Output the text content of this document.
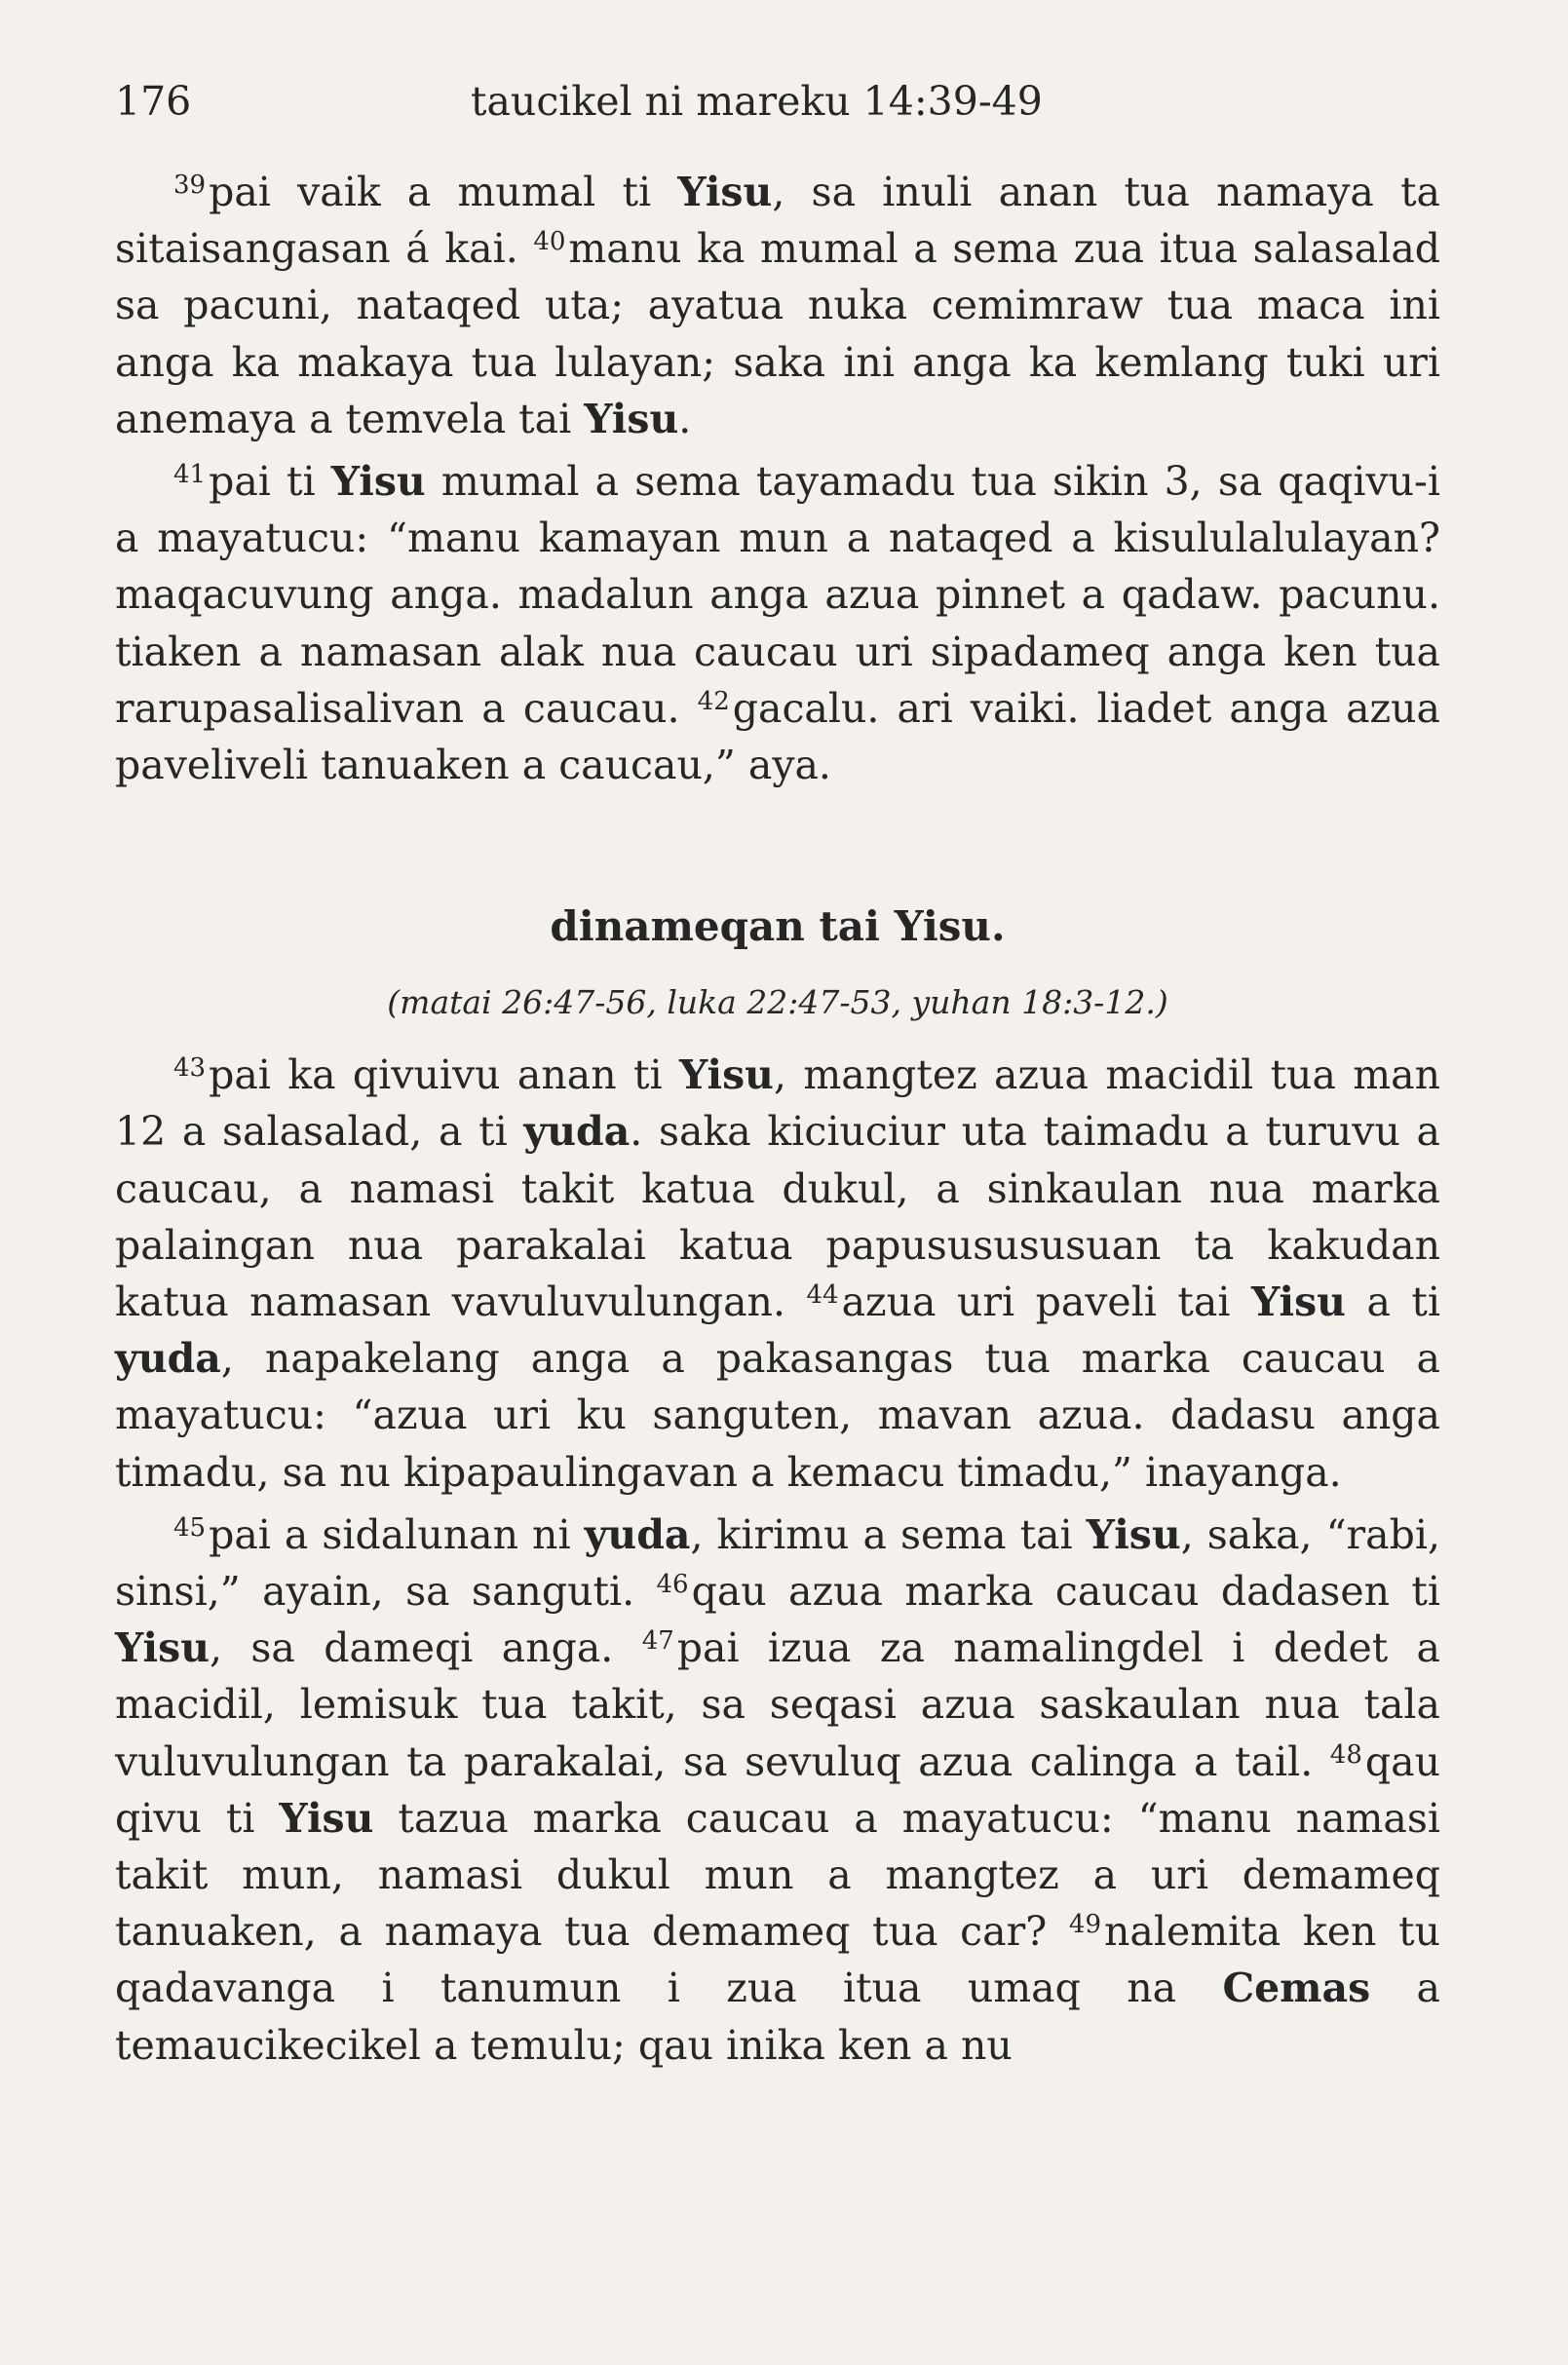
176	taucikel ni mareku 14:39-49

$^{39}$pai vaik a mumal ti Yisu, sa inuli anan tua namaya ta sitaisangasan á kai. $^{40}$manu ka mumal a sema zua itua salasalad sa pacuni, nataqed uta; ayatua nuka cemimraw tua maca ini anga ka makaya tua lulayan; saka ini anga ka kemlang tuki uri anemaya a temvela tai Yisu.

$^{41}$pai ti Yisu mumal a sema tayamadu tua sikin 3, sa qaqivu-i a mayatucu: “manu kamayan mun a nataqed a kisululalulayan? maqacuvung anga. madalun anga azua pinnet a qadaw. pacunu. tiaken a namasan alak nua caucau uri sipadameq anga ken tua rarupasalisalivan a caucau. $^{42}$gacalu. ari vaiki. liadet anga azua paveliveli tanuaken a caucau,” aya.

dinameqan tai Yisu.
(matai 26:47-56, luka 22:47-53, yuhan 18:3-12.)

$^{43}$pai ka qivuivu anan ti Yisu, mangtez azua macidil tua man 12 a salasalad, a ti yuda. saka kiciuciur uta taimadu a turuvu a caucau, a namasi takit katua dukul, a sinkaulan nua marka palaingan nua parakalai katua papususususuan ta kakudan katua namasan vavuluvulungan. $^{44}$azua uri paveli tai Yisu a ti yuda, napakelang anga a pakasangas tua marka caucau a mayatucu: “azua uri ku sanguten, mavan azua. dadasu anga timadu, sa nu kipapaulingavan a kemacu timadu,” inayanga.

$^{45}$pai a sidalunan ni yuda, kirimu a sema tai Yisu, saka, “rabi, sinsi,” ayain, sa sanguti. $^{46}$qau azua marka caucau dadasen ti Yisu, sa dameqi anga. $^{47}$pai izua za namalingdel i dedet a macidil, lemisuk tua takit, sa seqasi azua saskaulan nua tala vuluvulungan ta parakalai, sa sevuluq azua calinga a tail. $^{48}$qau qivu ti Yisu tazua marka caucau a mayatucu: “manu namasi takit mun, namasi dukul mun a mangtez a uri demameq tanuaken, a namaya tua demameq tua car? $^{49}$nalemita ken tu qadavanga i tanumun i zua itua umaq na Cemas a temaucikecikel a temulu; qau inika ken a nu
